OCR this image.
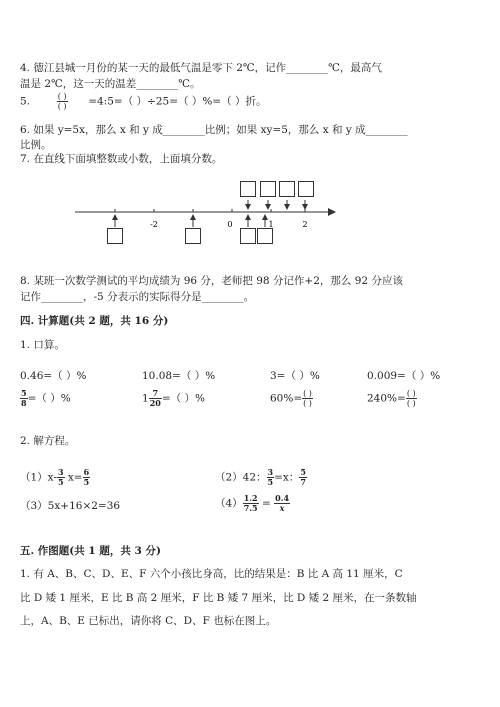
4. 德江县城一月份的某一天的最低气温是零下 2℃，记作________℃，最高气
温是 2℃，这一天的温差________℃。
5.	$\frac{( )}{( )}$ =4:5=（ ）÷25=（ ）%=（ ）折。
6. 如果 y=5x，那么 x 和 y 成________比例；如果 xy=5，那么 x 和 y 成________
比例。
7. 在直线下面填整数或小数，上面填分数。
-2	0	1	2
8. 某班一次数学测试的平均成绩为 96 分，老师把 98 分记作+2，那么 92 分应该
记作________，-5 分表示的实际得分是________。
四. 计算题(共 2 题，共 16 分)
1. 口算。
0.46=（ ）%	10.08=（ ）%	3=（ ）%	0.009=（ ）%
$\frac{5}{8}$ =（ ）%	$1 \frac{7}{20}$ =（ ）%	$60\%= \frac{( )}{( )}$	$240\%= \frac{( )}{( )}$
2. 解方程。
$(1)x- \frac{3}{5} x= \frac{6}{5}$	（2）42： $\frac{3}{5} =x$： $\frac{5}{7}$
（3）5x+16×2=36	$(4) \frac{1.2}{7.5} = \frac{0.4}{x}$
五. 作图题(共 1 题，共 3 分)
1. 有 A、B、C、D、E、F 六个小孩比身高，比的结果是：B 比 A 高 11 厘米，C
比 D 矮 1 厘米，E 比 B 高 2 厘米，F 比 B 矮 7 厘米，比 D 矮 2 厘米，在一条数轴
上，A、B、E 已标出，请你将 C、D、F 也标在图上。
